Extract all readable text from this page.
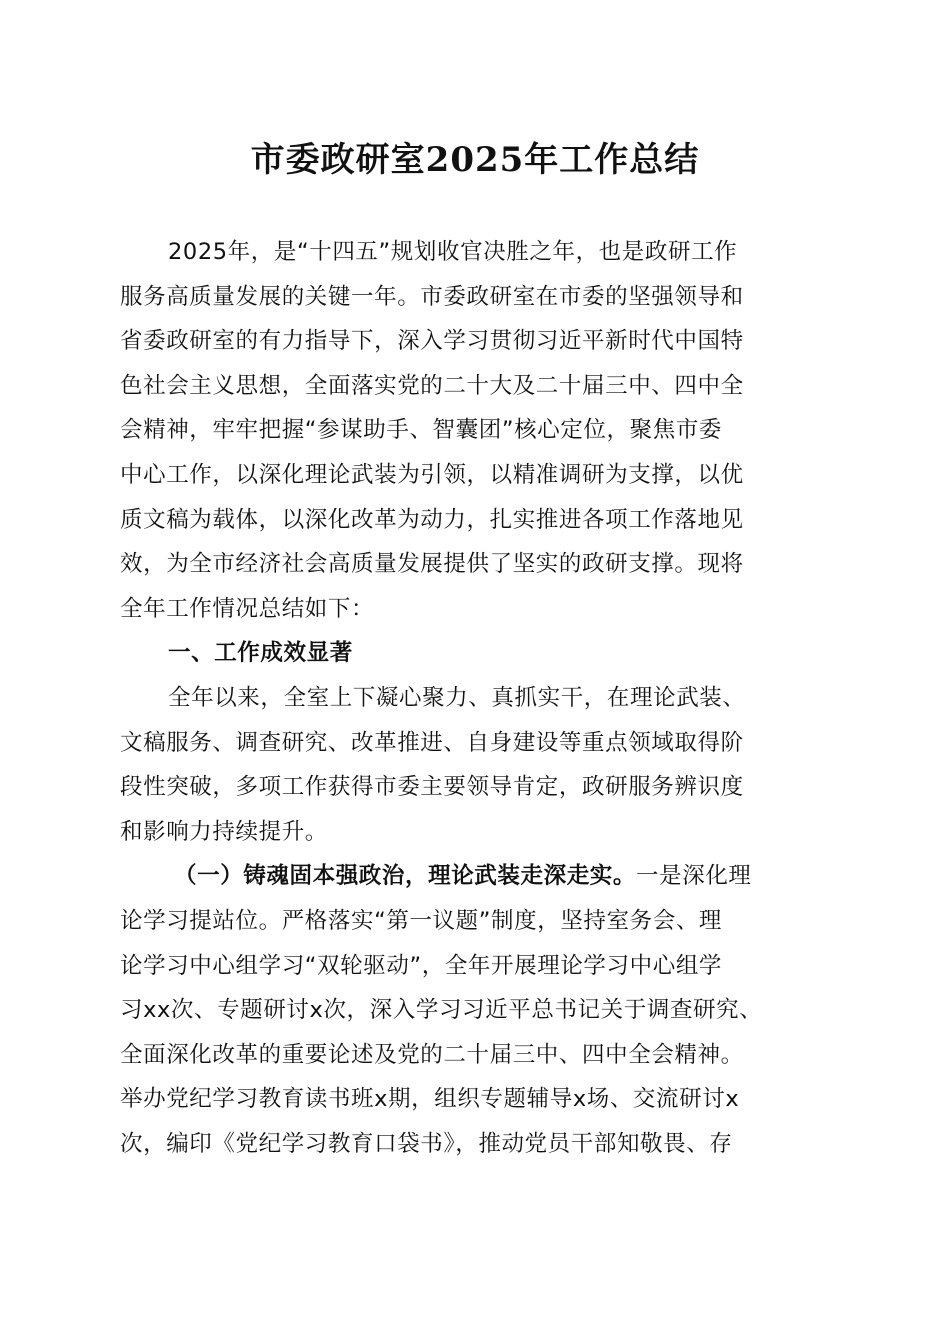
市委政研室2025年工作总结
2025年，是“十四五”规划收官决胜之年，也是政研工作
服务高质量发展的关键一年。市委政研室在市委的坚强领导和
省委政研室的有力指导下，深入学习贯彻习近平新时代中国特
色社会主义思想，全面落实党的二十大及二十届三中、四中全
会精神，牢牢把握“参谋助手、智囊团”核心定位，聚焦市委
中心工作，以深化理论武装为引领，以精准调研为支撑，以优
质文稿为载体，以深化改革为动力，扎实推进各项工作落地见
效，为全市经济社会高质量发展提供了坚实的政研支撑。现将
全年工作情况总结如下：
一、工作成效显著
全年以来，全室上下凝心聚力、真抓实干，在理论武装、
文稿服务、调查研究、改革推进、自身建设等重点领域取得阶
段性突破，多项工作获得市委主要领导肯定，政研服务辨识度
和影响力持续提升。
（一）铸魂固本强政治，理论武装走深走实。一是深化理
论学习提站位。严格落实“第一议题”制度，坚持室务会、理
论学习中心组学习“双轮驱动”，全年开展理论学习中心组学
习xx次、专题研讨x次，深入学习习近平总书记关于调查研究、
全面深化改革的重要论述及党的二十届三中、四中全会精神。
举办党纪学习教育读书班x期，组织专题辅导x场、交流研讨x
次，编印《党纪学习教育口袋书》，推动党员干部知敬畏、存
